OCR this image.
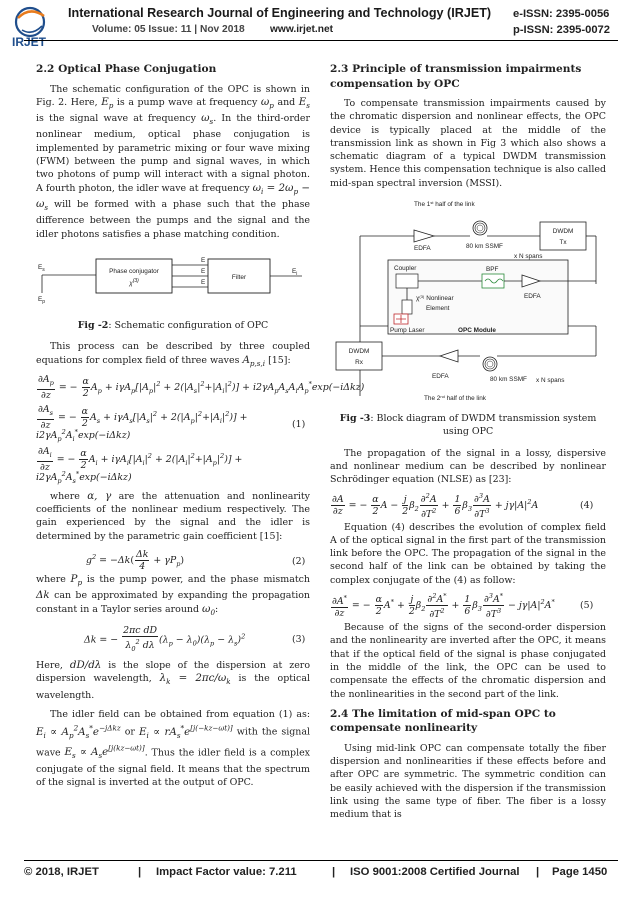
IRJET
International Research Journal of Engineering and Technology (IRJET) e-ISSN: 2395-0056
Volume: 05 Issue: 11 | Nov 2018 www.irjet.net	p-ISSN: 2395-0072
2.2 Optical Phase Conjugation

The schematic configuration of the OPC is shown in Fig. 2. Here, $E_p$ is a pump wave at frequency $\omega_p$ and $E_s$ is the signal wave at frequency $\omega_s$. In the third-order nonlinear medium, optical phase conjugation is implemented by parametric mixing or four wave mixing (FWM) between the pump and signal waves, in which two photons of pump will interact with a signal photon. A fourth photon, the idler wave at frequency $\omega_i = 2\omega_p - \omega_s$ will be formed with a phase such that the phase difference between the pumps and the signal and the idler photons satisfies a phase matching condition.

$E_s$
$E_p$
Phase conjugator
$\chi^{(3)}$
E
E
E
Filter
$E_i$

Fig -2: Schematic configuration of OPC

This process can be described by three coupled equations for complex field of three waves $A_{p,s,i}$ [15]:

$\frac{\partial A_p}{\partial z}$ = − $\frac{\alpha}{2} A_p + i\gamma A_p[|A_p|^2 + 2(|A_s|^2+|A_i|^2)] + i2\gamma A_pA_sA_iA_p^*\exp(-i\Delta kz)$
$\frac{\partial A_s}{\partial z}$ = − $\frac{\alpha}{2} A_s + i\gamma A_s[|A_s|^2 + 2(|A_p|^2+|A_i|^2)]$ +
$i2\gamma A_p^2A_i^*\exp(-i\Delta kz)$
$\frac{\partial A_i}{\partial z}$ = − $\frac{\alpha}{2} A_i + i\gamma A_i[|A_i|^2 + 2(|A_i|^2+|A_p|^2)]$ +
$i2\gamma A_p^2A_s^*\exp(-i\Delta kz)$
(1)

where α, γ are the attenuation and nonlinearity coefficients of the nonlinear medium respectively. The gain experienced by the signal and the idler is determined by the parametric gain coefficient [15]:

$g^2 = -\Delta k( \frac{\Delta k}{4} + \gamma P_p)$	(2)

where $P_p$ is the pump power, and the phase mismatch Δk can be approximated by expanding the propagation constant in a Taylor series around $\omega_0$:

Δk = − $\frac{\text{2πc dD}}{\lambda_0^2 d\lambda} (\lambda_p - \lambda_0)(\lambda_p - \lambda_s)^2$	(3)

Here, dD/dλ is the slope of the dispersion at zero dispersion wavelength, $\lambda_k = 2\pi c/\omega_k$ is the optical wavelength.

The idler field can be obtained from equation (1) as: $E_i \propto A_p^2A_s^*e^{-j\Delta kz}$ or $E_i \propto rA_s^*e[j(-kz-\omega t)]$ with the signal wave $E_s \propto A_se[j(kz-\omega t)]$. Thus the idler field is a complex conjugate of the signal field. It means that the spectrum of the signal is inverted at the output of OPC.

2.3 Principle of transmission impairments compensation by OPC

To compensate transmission impairments caused by the chromatic dispersion and nonlinear effects, the OPC device is typically placed at the middle of the transmission link as shown in Fig 3 which also shows a schematic diagram of a typical DWDM transmission system. Hence this compensation technique is also called mid-span spectral inversion (MSSI).

The 1st half of the link
80 km SSMF
EDFA
x N spans
DWDM
Tx
Coupler	BPF
EDFA
$\chi^{(3)}$ Nonlinear
Element
Pump Laser	OPC Module
DWDM
Rx
80 km SSMF
EDFA
x N spans
The 2nd half of the link

Fig -3: Block diagram of DWDM transmission system using OPC

The propagation of the signal in a lossy, dispersive and nonlinear medium can be described by nonlinear Schrödinger equation (NLSE) as [23]:

$\frac{\partial A}{\partial z}$ = − $\frac{\alpha}{2}$ $A - \frac{j}{2} \beta_2 \frac{\partial^2A}{\partial T^2} + \frac{1}{6} \beta_3 \frac{\partial^3A}{\partial T^3} + j\gamma|A|^2A$	(4)

Equation (4) describes the evolution of complex field A of the optical signal in the first part of the transmission link before the OPC. The propagation of the signal in the second half of the link can be obtained by taking the complex conjugate of the (4) as follow:

$\frac{\partial A^*}{\partial z}$ = − $\frac{\alpha}{2} A^* + \frac{j}{2} \beta_2 \frac{\partial^2A^*}{\partial T^2} + \frac{1}{6} \beta_3 \frac{\partial^3A^*}{\partial T^3} - j\gamma|A|^2A^*$	(5)

Because of the signs of the second-order dispersion and the nonlinearity are inverted after the OPC, it means that if the optical field of the signal is phase conjugated in the middle of the link, the OPC can be used to compensate the effects of the chromatic dispersion and the nonlinearities in the second part of the link.

2.4 The limitation of mid-span OPC to compensate nonlinearity

Using mid-link OPC can compensate totally the fiber dispersion and nonlinearities if these effects before and after OPC are symmetric. The symmetric condition can be easily achieved with the dispersion if the transmission link using the same type of fiber. The fiber is a lossy medium that is

© 2018, IRJET	| Impact Factor value: 7.211	| ISO 9001:2008 Certified Journal | Page 1450
